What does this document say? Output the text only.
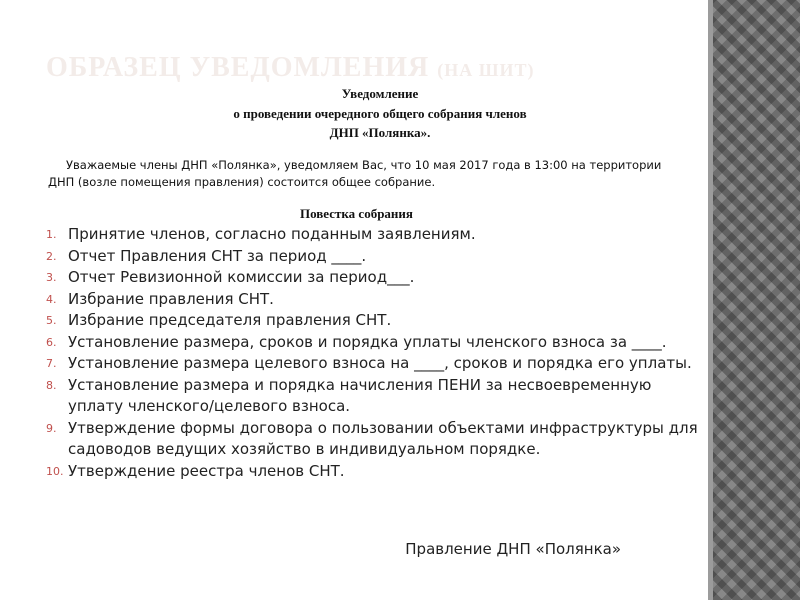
ОБРАЗЕЦ УВЕДОМЛЕНИЯ (НА ШИТ)
Уведомление
о проведении очередного общего собрания членов
ДНП «Полянка».
Уважаемые члены ДНП «Полянка», уведомляем Вас, что 10 мая 2017 года в 13:00 на территории ДНП (возле помещения правления) состоится общее собрание.
Повестка собрания
1. Принятие членов, согласно поданным заявлениям.
2. Отчет Правления СНТ за период ____.
3. Отчет Ревизионной комиссии за период___.
4. Избрание правления СНТ.
5. Избрание председателя правления СНТ.
6. Установление размера, сроков и порядка уплаты членского взноса за ____.
7. Установление размера целевого взноса на ____, сроков и порядка его уплаты.
8. Установление размера и порядка начисления ПЕНИ за несвоевременную уплату членского/целевого взноса.
9. Утверждение формы договора о пользовании объектами инфраструктуры для садоводов ведущих хозяйство в индивидуальном порядке.
10. Утверждение реестра членов СНТ.
Правление ДНП «Полянка»
